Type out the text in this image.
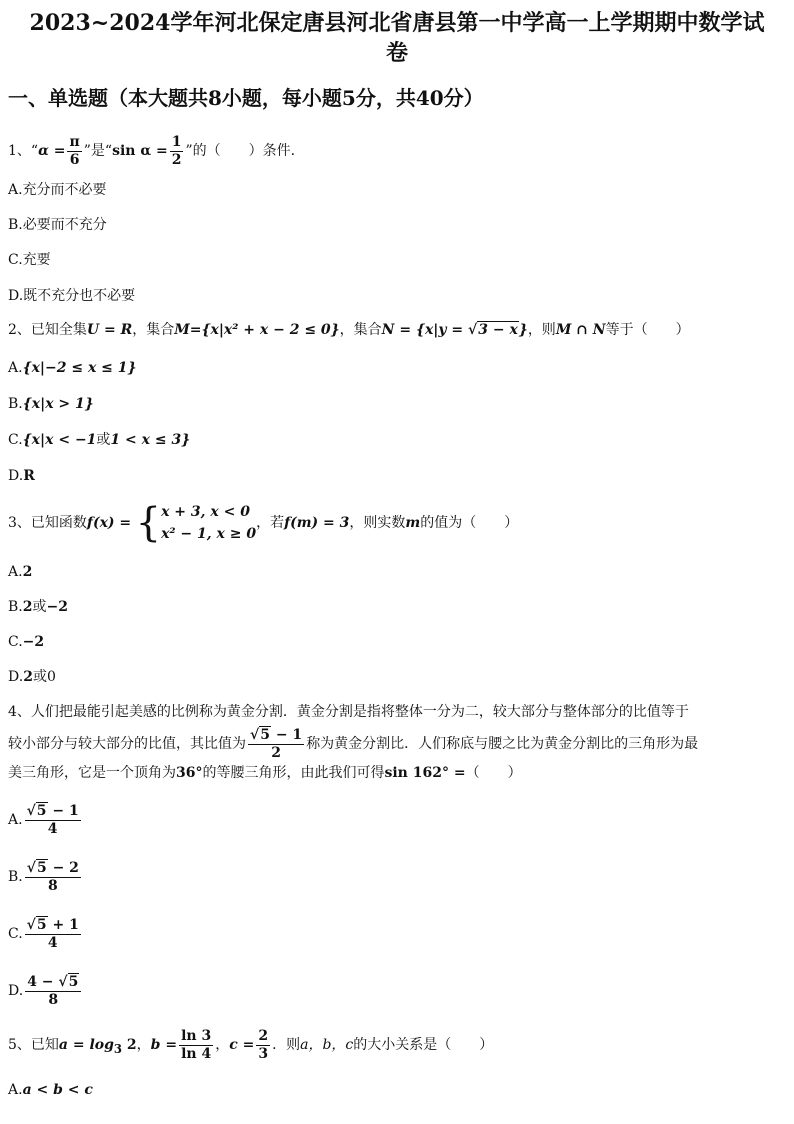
2023~2024学年河北保定唐县河北省唐县第一中学高一上学期期中数学试
卷
一、单选题（本大题共8小题，每小题5分，共40分）
1、“$\alpha = \frac{\pi}{6}$ ”是“sin $\alpha = \frac{1}{2}$ ”的（　　）条件.
A.充分而不必要
B.必要而不充分
C.充要
D.既不充分也不必要
2、已知全集U = R，集合M={x|x² + x − 2 ≤ 0}，集合N = {x|y = √3 − x}，则M ∩ N等于（　　）
A.{x|−2 ≤ x ≤ 1}
B.{x|x > 1}
C.{x|x < −1或1 < x ≤ 3}
D.R
3、已知函数f(x) = { x + 3, x < 0
x² − 1, x ≥ 0
，若f(m) = 3，则实数m的值为（　　）
A.2
B.2或−2
C.−2
D.2或0
4、人们把最能引起美感的比例称为黄金分割．黄金分割是指将整体一分为二，较大部分与整体部分的比值等于
较小部分与较大部分的比值，其比值为 $\frac{√5 - 1}{2}$ 称为黄金分割比．人们称底与腰之比为黄金分割比的三角形为最
美三角形，它是一个顶角为36°的等腰三角形，由此我们可得sin 162° =（　　）
A. $\frac{√5 - 1}{4}$
B. $\frac{√5 - 2}{8}$
C. $\frac{√5 + 1}{4}$
D. $\frac{4 - √5}{8}$
5、已知$a = \log_3 2$，$b = \frac{\ln 3}{\ln 4}$ ，$c = \frac{2}{3}$ ．则a，b，c的大小关系是（　　）
A.a < b < c
